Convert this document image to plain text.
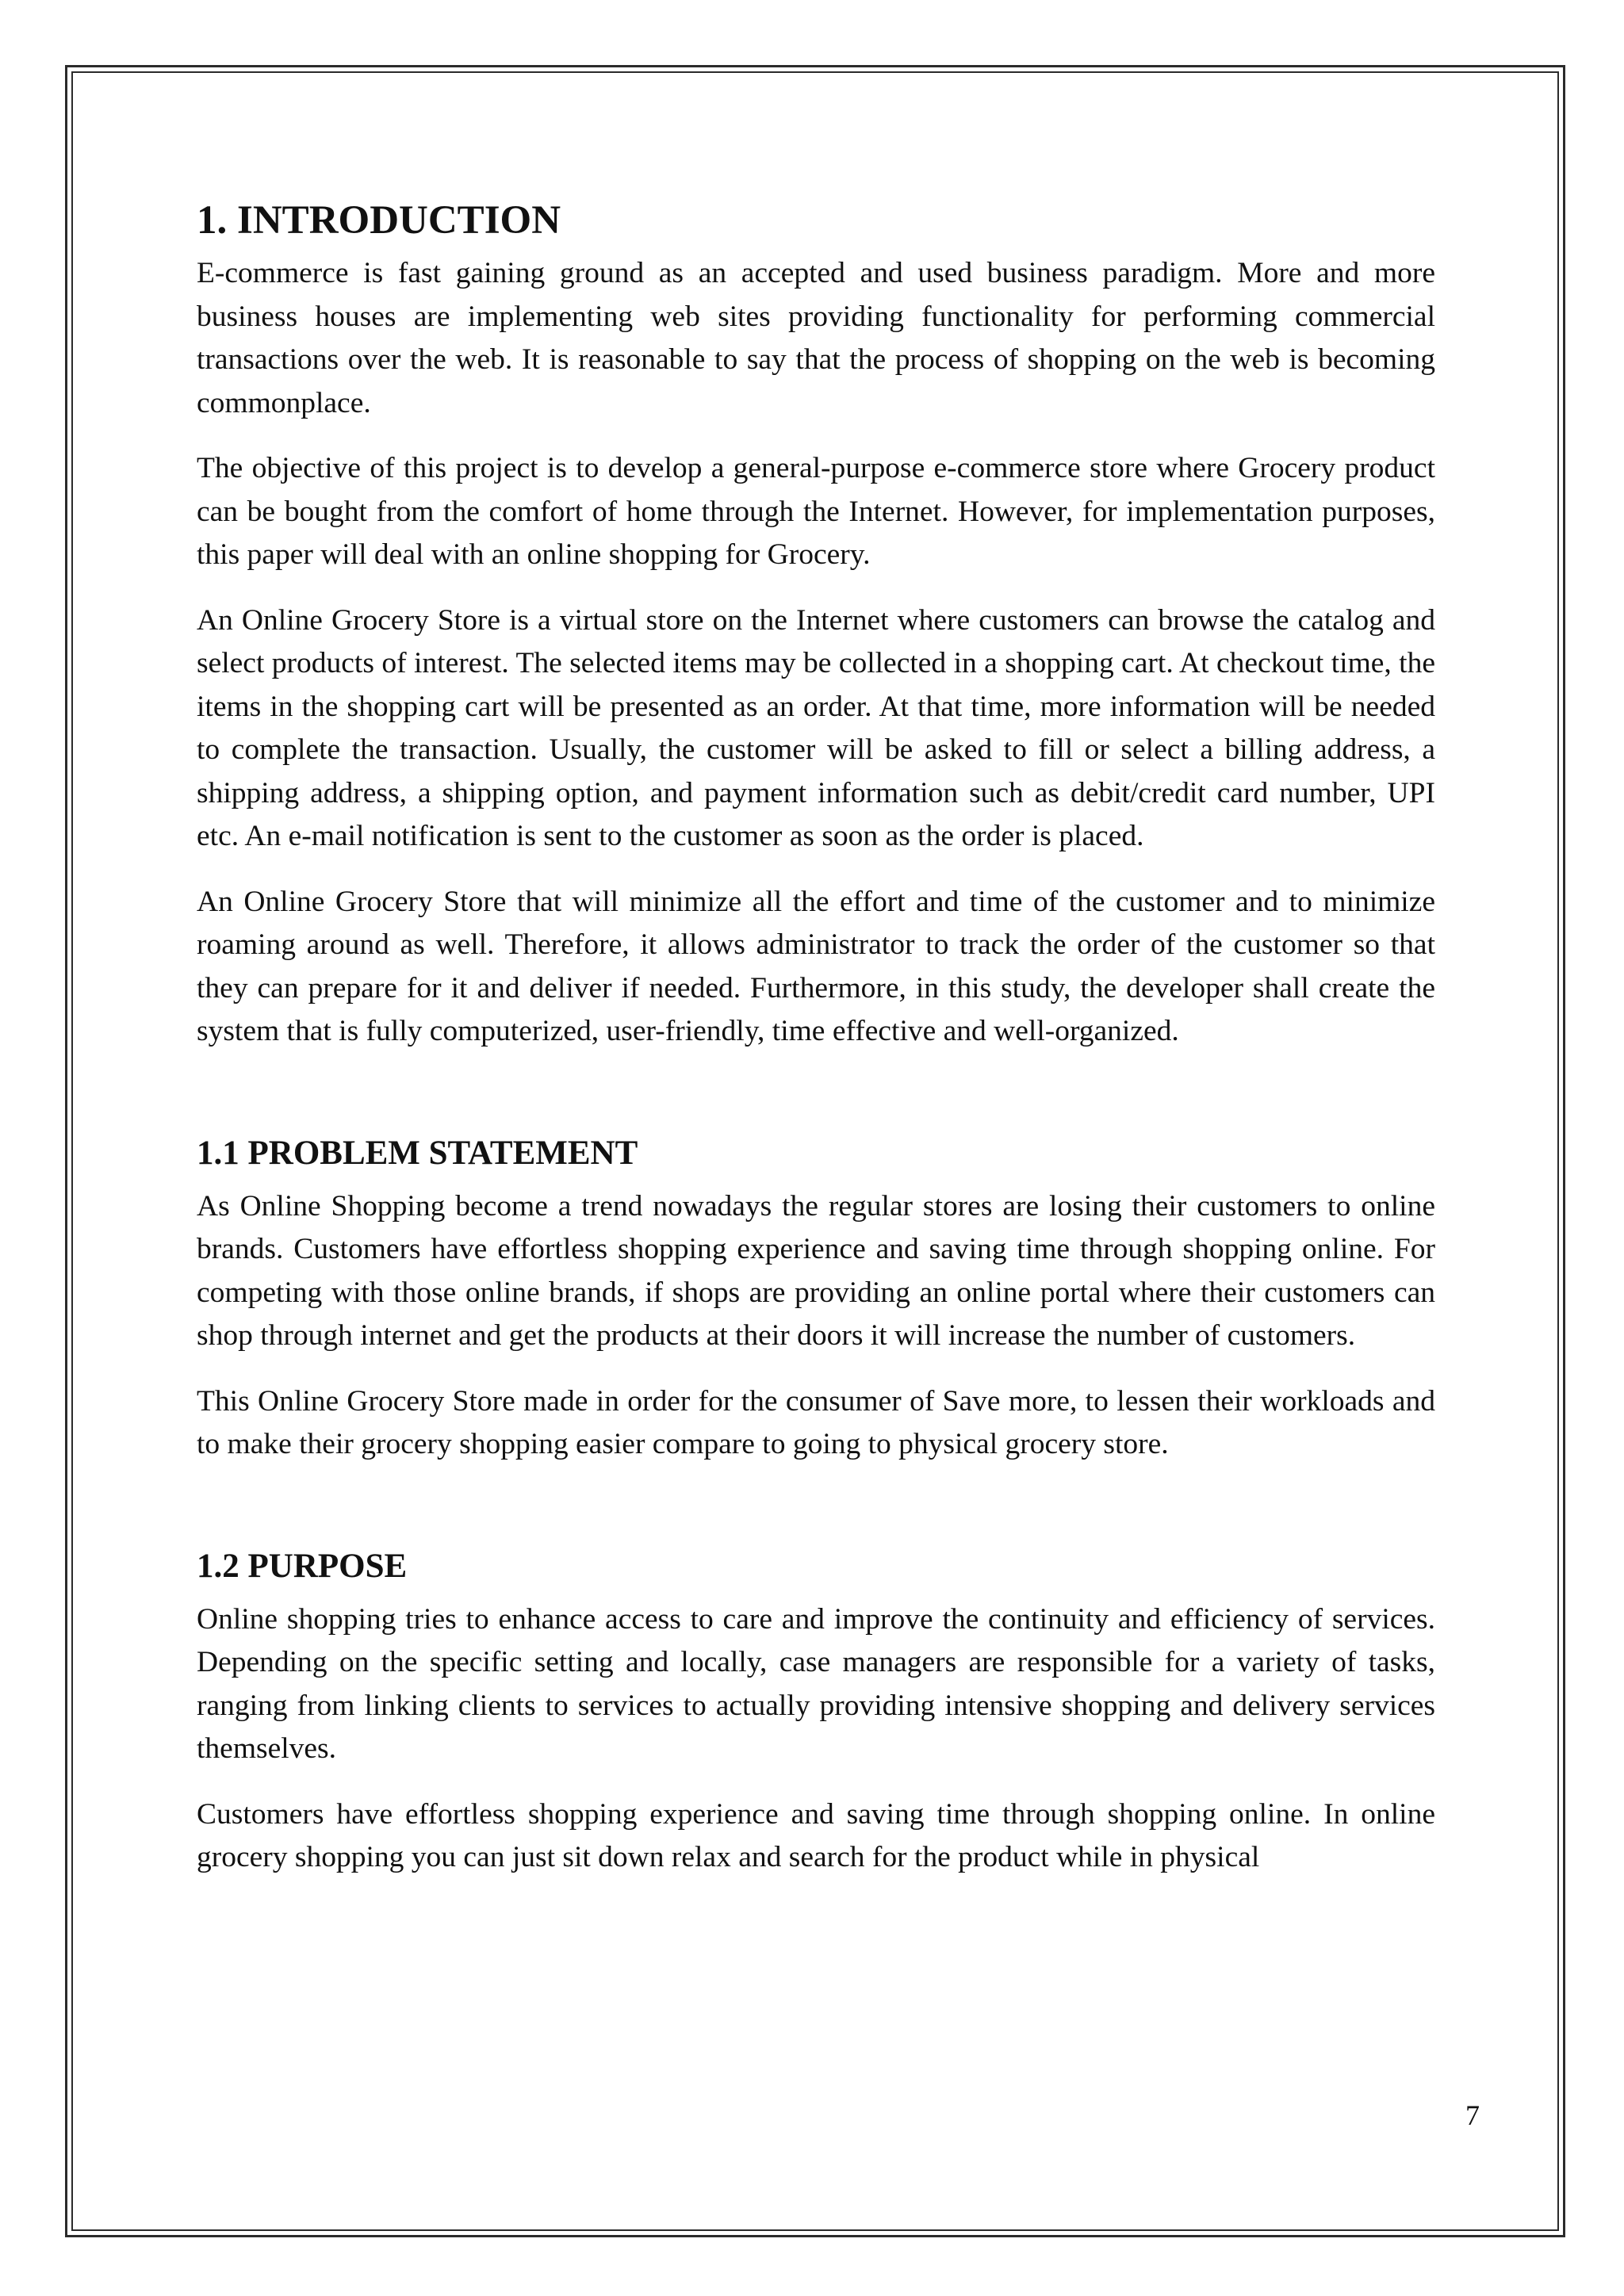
1. INTRODUCTION

E-commerce is fast gaining ground as an accepted and used business paradigm. More and more business houses are implementing web sites providing functionality for performing commercial transactions over the web. It is reasonable to say that the process of shopping on the web is becoming commonplace.

The objective of this project is to develop a general-purpose e-commerce store where Grocery product can be bought from the comfort of home through the Internet. However, for implementation purposes, this paper will deal with an online shopping for Grocery.

An Online Grocery Store is a virtual store on the Internet where customers can browse the catalog and select products of interest. The selected items may be collected in a shopping cart. At checkout time, the items in the shopping cart will be presented as an order. At that time, more information will be needed to complete the transaction. Usually, the customer will be asked to fill or select a billing address, a shipping address, a shipping option, and payment information such as debit/credit card number, UPI etc. An e-mail notification is sent to the customer as soon as the order is placed.

An Online Grocery Store that will minimize all the effort and time of the customer and to minimize roaming around as well. Therefore, it allows administrator to track the order of the customer so that they can prepare for it and deliver if needed. Furthermore, in this study, the developer shall create the system that is fully computerized, user-friendly, time effective and well-organized.

1.1 PROBLEM STATEMENT

As Online Shopping become a trend nowadays the regular stores are losing their customers to online brands. Customers have effortless shopping experience and saving time through shopping online. For competing with those online brands, if shops are providing an online portal where their customers can shop through internet and get the products at their doors it will increase the number of customers.

This Online Grocery Store made in order for the consumer of Save more, to lessen their workloads and to make their grocery shopping easier compare to going to physical grocery store.

1.2 PURPOSE

Online shopping tries to enhance access to care and improve the continuity and efficiency of services. Depending on the specific setting and locally, case managers are responsible for a variety of tasks, ranging from linking clients to services to actually providing intensive shopping and delivery services themselves.

Customers have effortless shopping experience and saving time through shopping online. In online grocery shopping you can just sit down relax and search for the product while in physical

7
